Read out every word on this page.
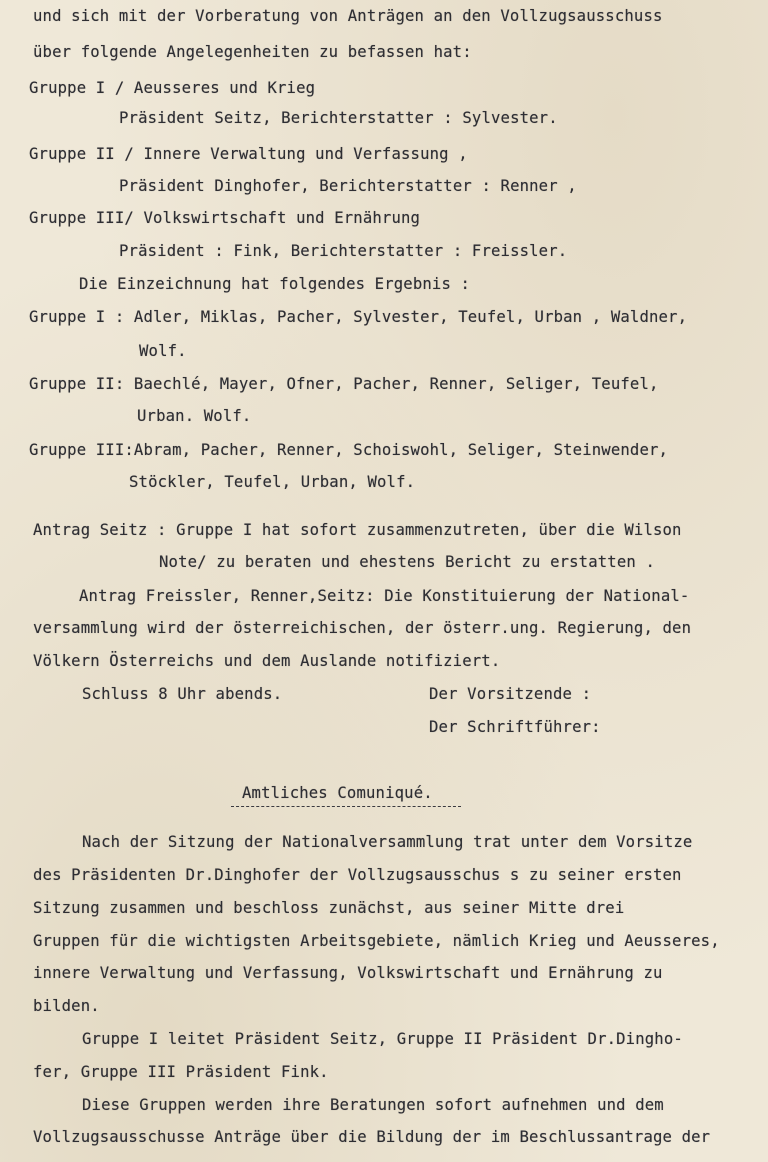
und sich mit der Vorberatung von Anträgen an den Vollzugsausschuss
über folgende Angelegenheiten zu befassen hat:
Gruppe I / Aeusseres und Krieg
Präsident Seitz, Berichterstatter : Sylvester.
Gruppe II / Innere Verwaltung und Verfassung ,
Präsident Dinghofer, Berichterstatter : Renner ,
Gruppe III/ Volkswirtschaft und Ernährung
Präsident : Fink, Berichterstatter : Freissler.
Die Einzeichnung hat folgendes Ergebnis :
Gruppe I : Adler, Miklas, Pacher, Sylvester, Teufel, Urban , Waldner,
Wolf.
Gruppe II: Baechlé, Mayer, Ofner, Pacher, Renner, Seliger, Teufel,
Urban. Wolf.
Gruppe III:Abram, Pacher, Renner, Schoiswohl, Seliger, Steinwender,
Stöckler, Teufel, Urban, Wolf.
Antrag Seitz : Gruppe I hat sofort zusammenzutreten, über die Wilson
Note/ zu beraten und ehestens Bericht zu erstatten .
Antrag Freissler, Renner,Seitz: Die Konstituierung der National-
versammlung wird der österreichischen, der österr.ung. Regierung, den
Völkern Österreichs und dem Auslande notifiziert.
Schluss 8 Uhr abends.	Der Vorsitzende :
Der Schriftführer:
Amtliches Comuniqué.
Nach der Sitzung der Nationalversammlung trat unter dem Vorsitze
des Präsidenten Dr.Dinghofer der Vollzugsausschus s zu seiner ersten
Sitzung zusammen und beschloss zunächst, aus seiner Mitte drei
Gruppen für die wichtigsten Arbeitsgebiete, nämlich Krieg und Aeusseres,
innere Verwaltung und Verfassung, Volkswirtschaft und Ernährung zu
bilden.
Gruppe I leitet Präsident Seitz, Gruppe II Präsident Dr.Dingho-
fer, Gruppe III Präsident Fink.
Diese Gruppen werden ihre Beratungen sofort aufnehmen und dem
Vollzugsausschusse Anträge über die Bildung der im Beschlussantrage der
